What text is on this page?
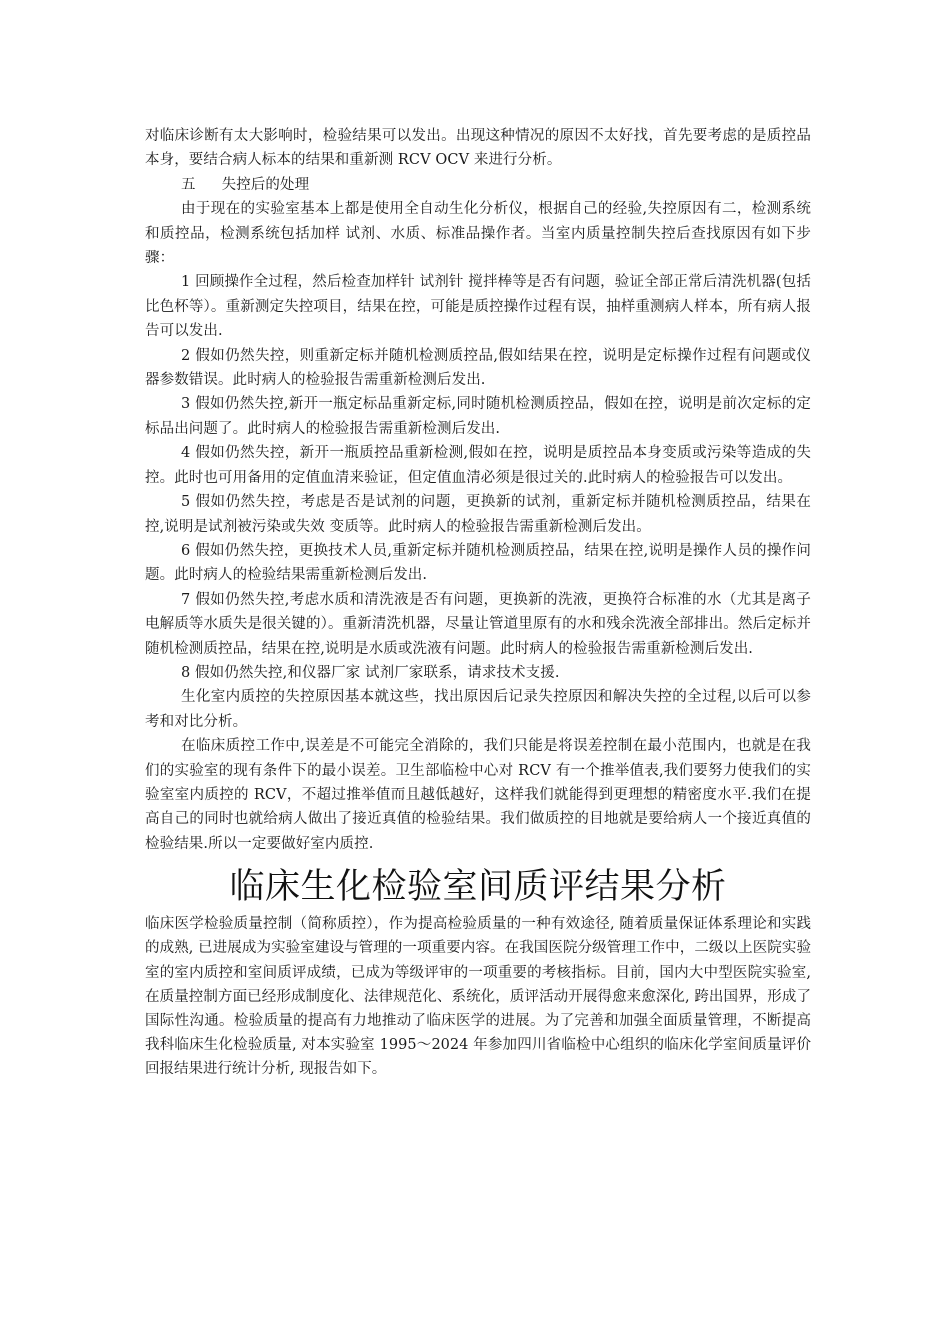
对临床诊断有太大影响时，检验结果可以发出。出现这种情况的原因不太好找，首先要考虑的是质控品本身，要结合病人标本的结果和重新测 RCV OCV 来进行分析。

五 失控后的处理

由于现在的实验室基本上都是使用全自动生化分析仪，根据自己的经验,失控原因有二，检测系统和质控品，检测系统包括加样 试剂、水质、标准品操作者。当室内质量控制失控后查找原因有如下步骤：

1 回顾操作全过程，然后检查加样针 试剂针 搅拌棒等是否有问题，验证全部正常后清洗机器(包括比色杯等）。重新测定失控项目，结果在控，可能是质控操作过程有误，抽样重测病人样本，所有病人报告可以发出.

2 假如仍然失控，则重新定标并随机检测质控品,假如结果在控，说明是定标操作过程有问题或仪器参数错误。此时病人的检验报告需重新检测后发出.

3 假如仍然失控,新开一瓶定标品重新定标,同时随机检测质控品，假如在控，说明是前次定标的定标品出问题了。此时病人的检验报告需重新检测后发出.

4 假如仍然失控，新开一瓶质控品重新检测,假如在控，说明是质控品本身变质或污染等造成的失控。此时也可用备用的定值血清来验证，但定值血清必须是很过关的.此时病人的检验报告可以发出。

5 假如仍然失控，考虑是否是试剂的问题，更换新的试剂，重新定标并随机检测质控品，结果在控,说明是试剂被污染或失效 变质等。此时病人的检验报告需重新检测后发出。

6 假如仍然失控，更换技术人员,重新定标并随机检测质控品，结果在控,说明是操作人员的操作问题。此时病人的检验结果需重新检测后发出.

7 假如仍然失控,考虑水质和清洗液是否有问题，更换新的洗液，更换符合标准的水（尤其是离子 电解质等水质失是很关键的）。重新清洗机器，尽量让管道里原有的水和残余洗液全部排出。然后定标并随机检测质控品，结果在控,说明是水质或洗液有问题。此时病人的检验报告需重新检测后发出.

8 假如仍然失控,和仪器厂家 试剂厂家联系，请求技术支援.

生化室内质控的失控原因基本就这些，找出原因后记录失控原因和解决失控的全过程,以后可以参考和对比分析。

在临床质控工作中,误差是不可能完全消除的，我们只能是将误差控制在最小范围内，也就是在我们的实验室的现有条件下的最小误差。卫生部临检中心对 RCV 有一个推举值表,我们要努力使我们的实验室室内质控的 RCV，不超过推举值而且越低越好，这样我们就能得到更理想的精密度水平.我们在提高自己的同时也就给病人做出了接近真值的检验结果。我们做质控的目地就是要给病人一个接近真值的检验结果.所以一定要做好室内质控.

临床生化检验室间质评结果分析

临床医学检验质量控制（简称质控），作为提高检验质量的一种有效途径, 随着质量保证体系理论和实践的成熟, 已进展成为实验室建设与管理的一项重要内容。在我国医院分级管理工作中，二级以上医院实验室的室内质控和室间质评成绩，已成为等级评审的一项重要的考核指标。目前，国内大中型医院实验室, 在质量控制方面已经形成制度化、法律规范化、系统化，质评活动开展得愈来愈深化, 跨出国界，形成了国际性沟通。检验质量的提高有力地推动了临床医学的进展。为了完善和加强全面质量管理，不断提高我科临床生化检验质量, 对本实验室 1995～2024 年参加四川省临检中心组织的临床化学室间质量评价回报结果进行统计分析, 现报告如下。
